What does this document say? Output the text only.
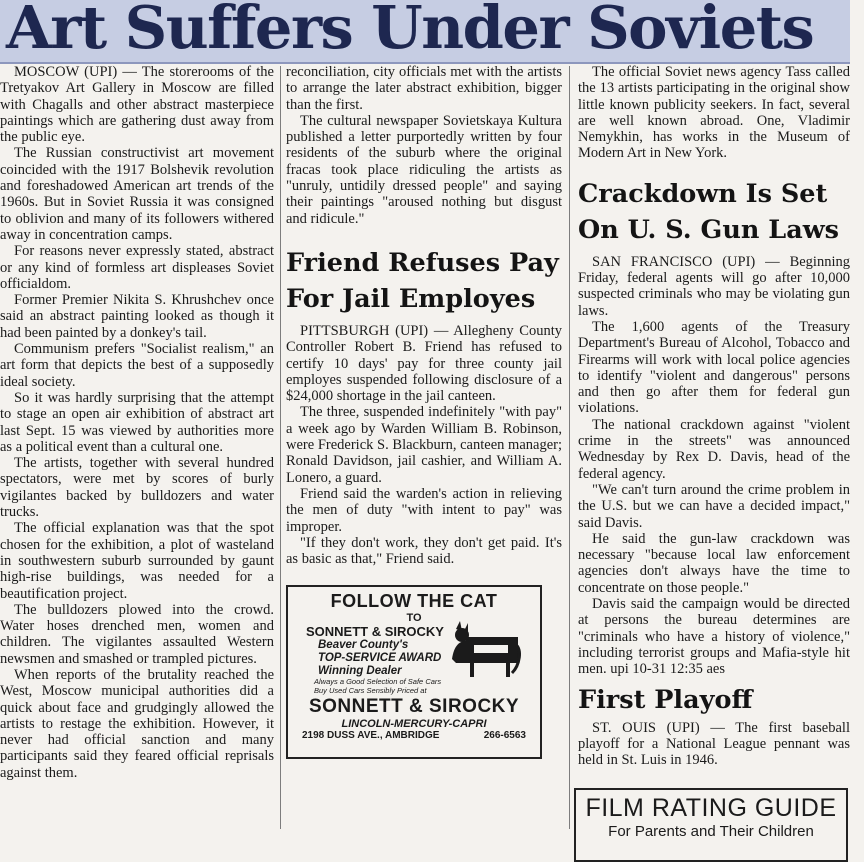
Art Suffers Under Soviets

MOSCOW (UPI) — The storerooms of the Tretyakov Art Gallery in Moscow are filled with Chagalls and other abstract masterpiece paintings which are gathering dust away from the public eye.

The Russian constructivist art movement coincided with the 1917 Bolshevik revolution and foreshadowed American art trends of the 1960s. But in Soviet Russia it was consigned to oblivion and many of its followers withered away in concentration camps.

For reasons never expressly stated, abstract or any kind of formless art displeases Soviet officialdom.

Former Premier Nikita S. Khrushchev once said an abstract painting looked as though it had been painted by a donkey's tail.

Communism prefers "Socialist realism," an art form that depicts the best of a supposedly ideal society.

So it was hardly surprising that the attempt to stage an open air exhibition of abstract art last Sept. 15 was viewed by authorities more as a political event than a cultural one.

The artists, together with several hundred spectators, were met by scores of burly vigilantes backed by bulldozers and water trucks.

The official explanation was that the spot chosen for the exhibition, a plot of wasteland in southwestern suburb surrounded by gaunt high-rise buildings, was needed for a beautification project.

The bulldozers plowed into the crowd. Water hoses drenched men, women and children. The vigilantes assaulted Western newsmen and smashed or trampled pictures.

When reports of the brutality reached the West, Moscow municipal authorities did a quick about face and grudgingly allowed the artists to restage the exhibition. However, it never had official sanction and many participants said they feared official reprisals against them.

reconciliation, city officials met with the artists to arrange the later abstract exhibition, bigger than the first.

The cultural newspaper Sovietskaya Kultura published a letter purportedly written by four residents of the suburb where the original fracas took place ridiculing the artists as "unruly, untidily dressed people" and saying their paintings "aroused nothing but disgust and ridicule."

Friend Refuses Pay For Jail Employes

PITTSBURGH (UPI) — Allegheny County Controller Robert B. Friend has refused to certify 10 days' pay for three county jail employes suspended following disclosure of a $24,000 shortage in the jail canteen.

The three, suspended indefinitely "with pay" a week ago by Warden William B. Robinson, were Frederick S. Blackburn, canteen manager; Ronald Davidson, jail cashier, and William A. Lonero, a guard.

Friend said the warden's action in relieving the men of duty "with intent to pay" was improper.

"If they don't work, they don't get paid. It's as basic as that," Friend said.

FOLLOW THE CAT
TO
SONNETT & SIROCKY
Beaver County's
TOP-SERVICE AWARD
Winning Dealer
Always a Good Selection of Safe Cars Buy Used Cars Sensibly Priced at
SONNETT & SIROCKY
LINCOLN-MERCURY-CAPRI
2198 DUSS AVE., AMBRIDGE	266-6563

The official Soviet news agency Tass called the 13 artists participating in the original show little known publicity seekers. In fact, several are well known abroad. One, Vladimir Nemykhin, has works in the Museum of Modern Art in New York.

Crackdown Is Set On U. S. Gun Laws

SAN FRANCISCO (UPI) — Beginning Friday, federal agents will go after 10,000 suspected criminals who may be violating gun laws.

The 1,600 agents of the Treasury Department's Bureau of Alcohol, Tobacco and Firearms will work with local police agencies to identify "violent and dangerous" persons and then go after them for federal gun violations.

The national crackdown against "violent crime in the streets" was announced Wednesday by Rex D. Davis, head of the federal agency.

"We can't turn around the crime problem in the U.S. but we can have a decided impact," said Davis.

He said the gun-law crackdown was necessary "because local law enforcement agencies don't always have the time to concentrate on those people."

Davis said the campaign would be directed at persons the bureau determines are "criminals who have a history of violence," including terrorist groups and Mafia-style hit men. upi 10-31 12:35 aes

First Playoff

ST. OUIS (UPI) — The first baseball playoff for a National League pennant was held in St. Luis in 1946.

FILM RATING GUIDE
For Parents and Their Children
